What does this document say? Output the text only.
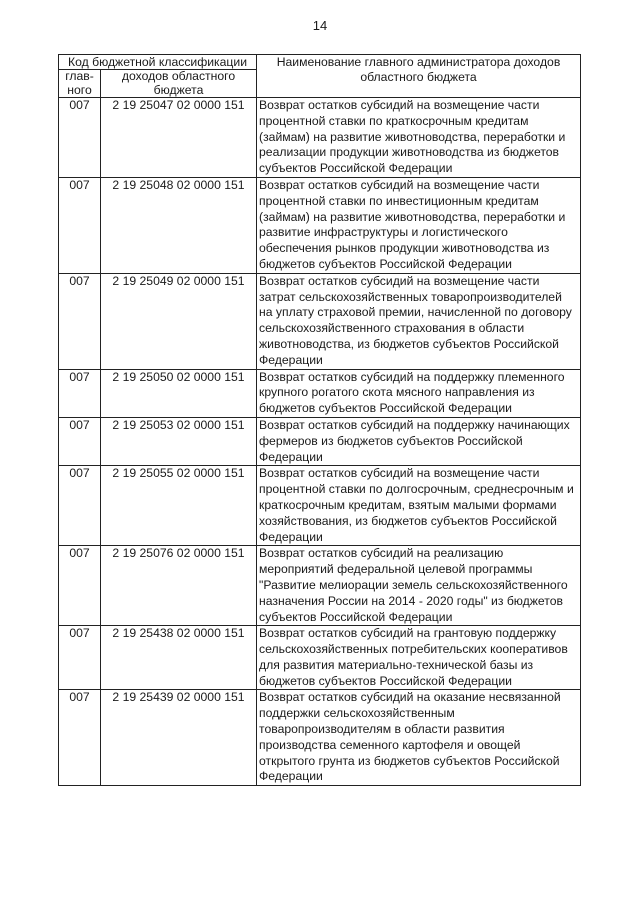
14
Код бюджетной классификации		Наименование главного администратора доходов областного бюджета
глав-ного	доходов областного бюджета	
007	2 19 25047 02 0000 151	Возврат остатков субсидий на возмещение части процентной ставки по краткосрочным кредитам (займам) на развитие животноводства, переработки и реализации продукции животноводства из бюджетов субъектов Российской Федерации
007	2 19 25048 02 0000 151	Возврат остатков субсидий на возмещение части процентной ставки по инвестиционным кредитам (займам) на развитие животноводства, переработки и развитие инфраструктуры и логистического обеспечения рынков продукции животноводства из бюджетов субъектов Российской Федерации
007	2 19 25049 02 0000 151	Возврат остатков субсидий на возмещение части затрат сельскохозяйственных товаропроизводителей на уплату страховой премии, начисленной по договору сельскохозяйственного страхования в области животноводства, из бюджетов субъектов Российской Федерации
007	2 19 25050 02 0000 151	Возврат остатков субсидий на поддержку племенного крупного рогатого скота мясного направления из бюджетов субъектов Российской Федерации
007	2 19 25053 02 0000 151	Возврат остатков субсидий на поддержку начинающих фермеров из бюджетов субъектов Российской Федерации
007	2 19 25055 02 0000 151	Возврат остатков субсидий на возмещение части процентной ставки по долгосрочным, среднесрочным и краткосрочным кредитам, взятым малыми формами хозяйствования, из бюджетов субъектов Российской Федерации
007	2 19 25076 02 0000 151	Возврат остатков субсидий на реализацию мероприятий федеральной целевой программы "Развитие мелиорации земель сельскохозяйственного назначения России на 2014 - 2020 годы" из бюджетов субъектов Российской Федерации
007	2 19 25438 02 0000 151	Возврат остатков субсидий на грантовую поддержку сельскохозяйственных потребительских кооперативов для развития материально-технической базы из бюджетов субъектов Российской Федерации
007	2 19 25439 02 0000 151	Возврат остатков субсидий на оказание несвязанной поддержки сельскохозяйственным товаропроизводителям в области развития производства семенного картофеля и овощей открытого грунта из бюджетов субъектов Российской Федерации
